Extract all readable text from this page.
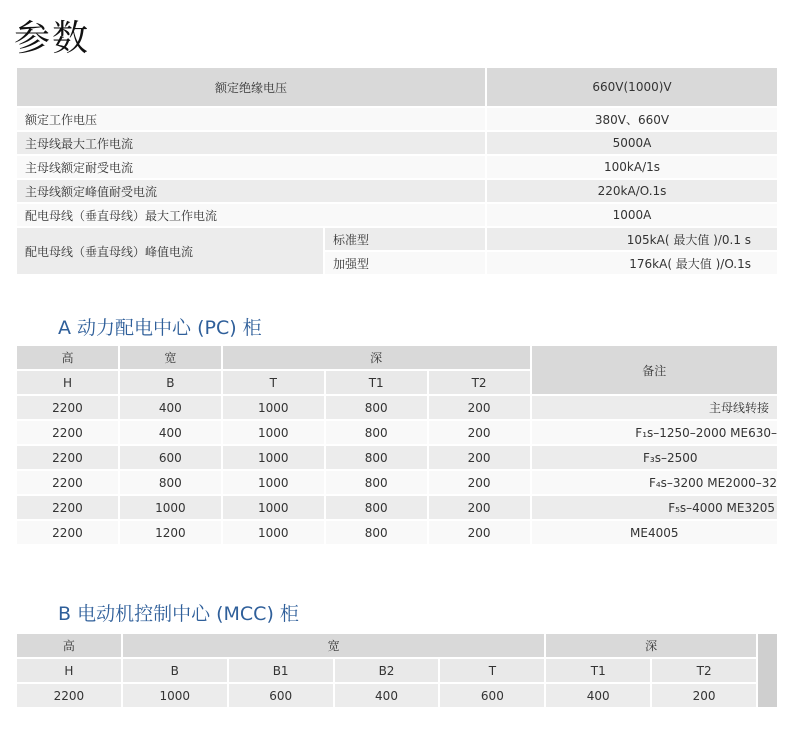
参数
额定绝缘电压		660V(1000)V
额定工作电压		380V、660V
主母线最大工作电流		5000A
主母线额定耐受电流		100kA/1s
主母线额定峰值耐受电流		220kA/O.1s
配电母线（垂直母线）最大工作电流		1000A
配电母线（垂直母线）峰值电流	标准型	105kA( 最大值 )/0.1 s
	加强型	176kA( 最大值 )/O.1s
A 动力配电中心 (PC) 柜
高	宽	深			备注
H	B	T	T1	T2	
2200	400	1000	800	200	主母线转接
2200	400	1000	800	200	F₁s–1250–2000 ME630–
2200	600	1000	800	200	F₃s–2500
2200	800	1000	800	200	F₄s–3200 ME2000–32
2200	1000	1000	800	200	F₅s–4000 ME3205
2200	1200	1000	800	200	ME4005
B 电动机控制中心 (MCC) 柜
高	宽				深		
H	B	B1	B2	T	T1	T2	
2200	1000	600	400	600	400	200	
